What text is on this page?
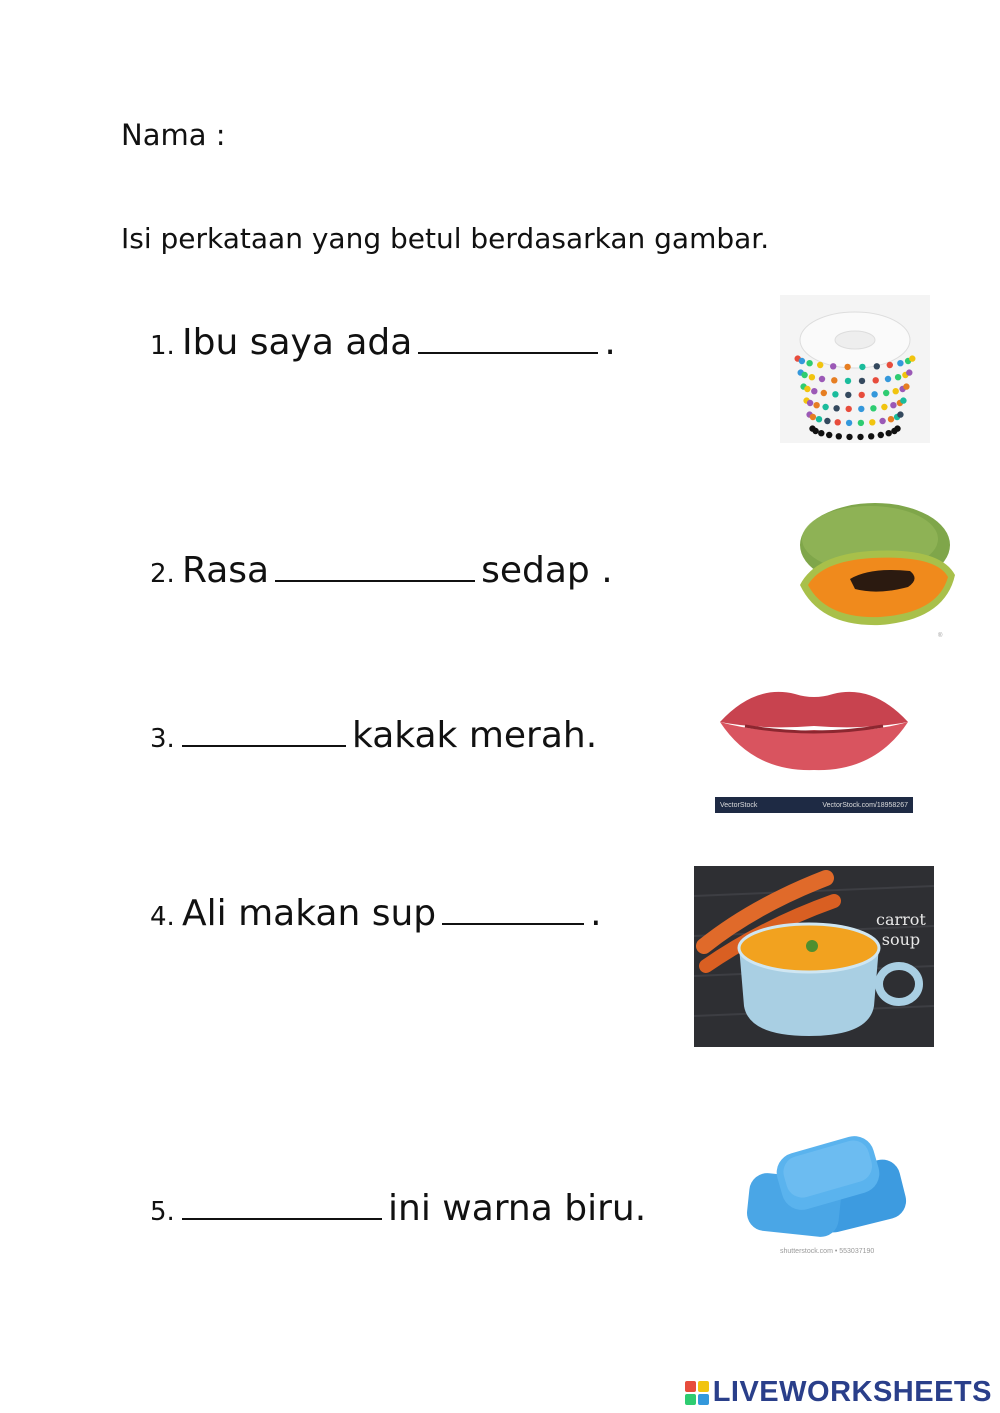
Nama :
Isi perkataan yang betul berdasarkan gambar.
1. Ibu saya ada	.
2. Rasa	sedap .
3.	kakak merah.
4. Ali makan sup	.
5.	ini warna biru.
®
VectorStock	VectorStock.com/18958267
carrot
soup
shutterstock.com • 553037190
LIVEWORKSHEETS
